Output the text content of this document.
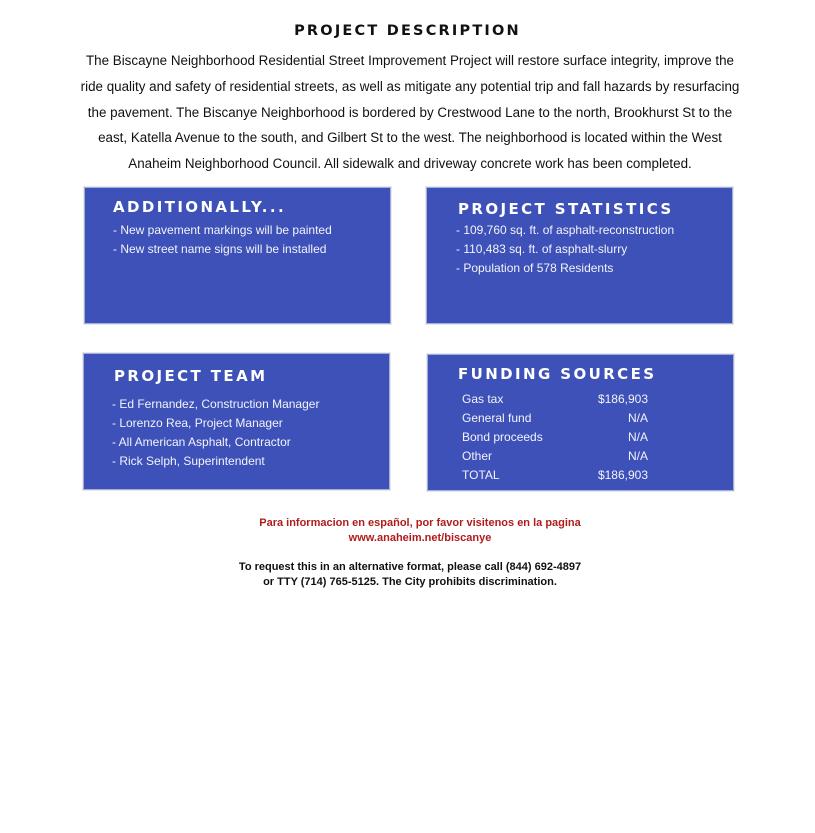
PROJECT DESCRIPTION
The Biscayne Neighborhood Residential Street Improvement Project will restore surface integrity, improve the ride quality and safety of residential streets, as well as mitigate any potential trip and fall hazards by resurfacing the pavement. The Biscanye Neighborhood is bordered by Crestwood Lane to the north, Brookhurst St to the east, Katella Avenue to the south, and Gilbert St to the west. The neighborhood is located within the West Anaheim Neighborhood Council. All sidewalk and driveway concrete work has been completed.
ADDITIONALLY...
- New pavement markings will be painted
- New street name signs will be installed
PROJECT STATISTICS
- 109,760 sq. ft. of asphalt-reconstruction
- 110,483 sq. ft. of asphalt-slurry
- Population of 578 Residents
PROJECT TEAM
- Ed Fernandez, Construction Manager
- Lorenzo Rea, Project Manager
- All American Asphalt, Contractor
- Rick Selph, Superintendent
FUNDING SOURCES
Gas tax	$186,903
General fund	N/A
Bond proceeds	N/A
Other	N/A
TOTAL	$186,903
Para informacion en español, por favor visitenos en la pagina
www.anaheim.net/biscanye
To request this in an alternative format, please call (844) 692-4897
or TTY (714) 765-5125. The City prohibits discrimination.
